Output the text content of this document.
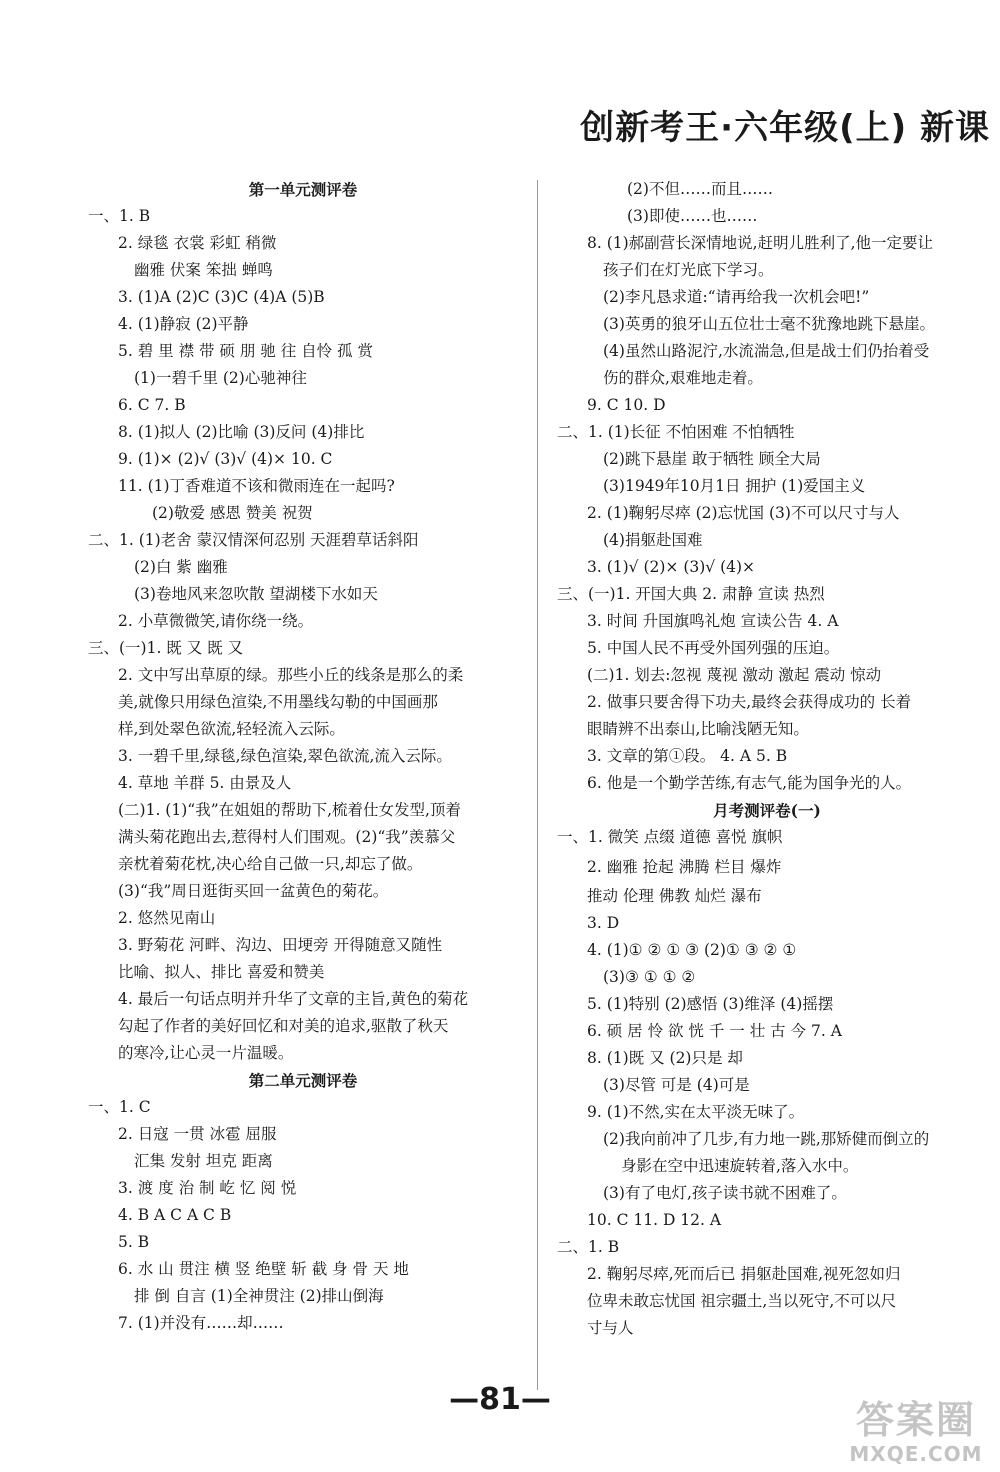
创新考王·六年级(上) 新课
第一单元测评卷
一、1. B
2. 绿毯 衣裳 彩虹 稍微
幽雅 伏案 笨拙 蝉鸣
3. (1)A (2)C (3)C (4)A (5)B
4. (1)静寂 (2)平静
5. 碧 里 襟 带 硕 朋 驰 往 自怜 孤 赏
(1)一碧千里 (2)心驰神往
6. C 7. B
8. (1)拟人 (2)比喻 (3)反问 (4)排比
9. (1)× (2)√ (3)√ (4)× 10. C
11. (1)丁香难道不该和微雨连在一起吗?
(2)敬爱 感恩 赞美 祝贺
二、1. (1)老舍 蒙汉情深何忍别 天涯碧草话斜阳
(2)白 紫 幽雅
(3)卷地风来忽吹散 望湖楼下水如天
2. 小草微微笑,请你绕一绕。
三、(一)1. 既 又 既 又
2. 文中写出草原的绿。那些小丘的线条是那么的柔
美,就像只用绿色渲染,不用墨线勾勒的中国画那
样,到处翠色欲流,轻轻流入云际。
3. 一碧千里,绿毯,绿色渲染,翠色欲流,流入云际。
4. 草地 羊群 5. 由景及人
(二)1. (1)“我”在姐姐的帮助下,梳着仕女发型,顶着
满头菊花跑出去,惹得村人们围观。(2)“我”羡慕父
亲枕着菊花枕,决心给自己做一只,却忘了做。
(3)“我”周日逛街买回一盆黄色的菊花。
2. 悠然见南山
3. 野菊花 河畔、沟边、田埂旁 开得随意又随性
比喻、拟人、排比 喜爱和赞美
4. 最后一句话点明并升华了文章的主旨,黄色的菊花
勾起了作者的美好回忆和对美的追求,驱散了秋天
的寒冷,让心灵一片温暖。
第二单元测评卷
一、1. C
2. 日寇 一贯 冰雹 屈服
汇集 发射 坦克 距离
3. 渡 度 治 制 屹 忆 阅 悦
4. B A C A C B
5. B
6. 水 山 贯注 横 竖 绝壁 斩 截 身 骨 天 地
排 倒 自言 (1)全神贯注 (2)排山倒海
7. (1)并没有……却……
(2)不但……而且……
(3)即使……也……
8. (1)郝副营长深情地说,赶明儿胜利了,他一定要让
孩子们在灯光底下学习。
(2)李凡恳求道:“请再给我一次机会吧!”
(3)英勇的狼牙山五位壮士毫不犹豫地跳下悬崖。
(4)虽然山路泥泞,水流湍急,但是战士们仍抬着受
伤的群众,艰难地走着。
9. C 10. D
二、1. (1)长征 不怕困难 不怕牺牲
(2)跳下悬崖 敢于牺牲 顾全大局
(3)1949年10月1日 拥护 (1)爱国主义
2. (1)鞠躬尽瘁 (2)忘忧国 (3)不可以尺寸与人
(4)捐躯赴国难
3. (1)√ (2)× (3)√ (4)×
三、(一)1. 开国大典 2. 肃静 宣读 热烈
3. 时间 升国旗鸣礼炮 宣读公告 4. A
5. 中国人民不再受外国列强的压迫。
(二)1. 划去:忽视 蔑视 激动 激起 震动 惊动
2. 做事只要舍得下功夫,最终会获得成功的 长着
眼睛辨不出泰山,比喻浅陋无知。
3. 文章的第①段。 4. A 5. B
6. 他是一个勤学苦练,有志气,能为国争光的人。
月考测评卷(一)
一、1. 微笑 点缀 道德 喜悦 旗帜
2. 幽雅 抢起 沸腾 栏目 爆炸
推动 伦理 佛教 灿烂 瀑布
3. D
4. (1)① ② ① ③ (2)① ③ ② ①
(3)③ ① ① ②
5. (1)特别 (2)感悟 (3)维泽 (4)摇摆
6. 硕 居 怜 欲 恍 千 一 壮 古 今 7. A
8. (1)既 又 (2)只是 却
(3)尽管 可是 (4)可是
9. (1)不然,实在太平淡无味了。
(2)我向前冲了几步,有力地一跳,那矫健而倒立的
身影在空中迅速旋转着,落入水中。
(3)有了电灯,孩子读书就不困难了。
10. C 11. D 12. A
二、1. B
2. 鞠躬尽瘁,死而后已 捐躯赴国难,视死忽如归
位卑未敢忘忧国 祖宗疆土,当以死守,不可以尺
寸与人
—81—	答案圈
MXQE.COM
